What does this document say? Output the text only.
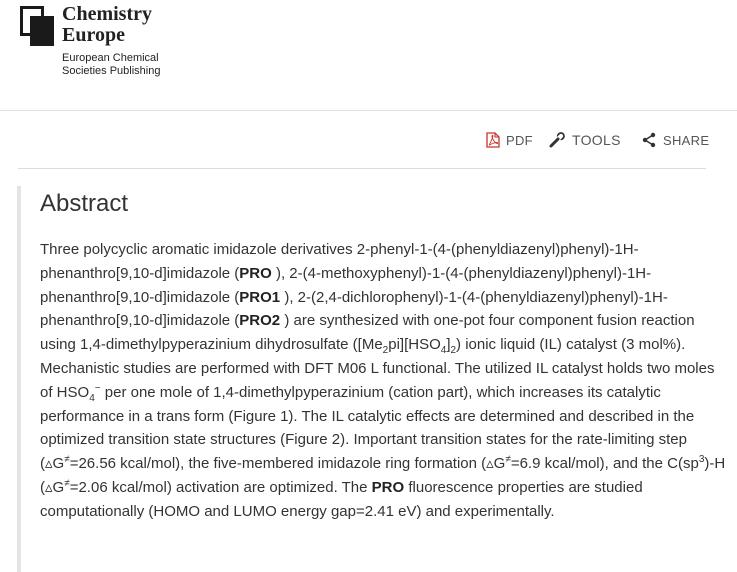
Chemistry
Europe
European Chemical
Societies Publishing
PDF	TOOLS	SHARE
Abstract
Three polycyclic aromatic imidazole derivatives 2-phenyl-1-(4-(phenyldiazenyl)phenyl)-1H-phenanthro[9,10-d]imidazole (PRO ), 2-(4-methoxyphenyl)-1-(4-(phenyldiazenyl)phenyl)-1H-phenanthro[9,10-d]imidazole (PRO1 ), 2-(2,4-dichlorophenyl)-1-(4-(phenyldiazenyl)phenyl)-1H-phenanthro[9,10-d]imidazole (PRO2 ) are synthesized with one-pot four component fusion reaction using 1,4-dimethylpyperazinium dihydrosulfate $([Me_2pi][HSO_4]_2)$ ionic liquid (IL) catalyst (3 mol%). Mechanistic studies are performed with DFT M06 L functional. The utilized IL catalyst holds two moles of $HSO_4^-$ per one mole of 1,4-dimethylpyperazinium (cation part), which increases its catalytic performance in a trans form (Figure 1). The IL catalytic effects are determined and described in the optimized transition state structures (Figure 2). Important transition states for the rate-limiting step (▵G≠=26.56 kcal/mol), the five-membered imidazole ring formation (▵G≠=6.9 kcal/mol), and the $C(sp^3)-H$ (▵G≠=2.06 kcal/mol) activation are optimized. The PRO fluorescence properties are studied computationally (HOMO and LUMO energy gap=2.41 eV) and experimentally.
